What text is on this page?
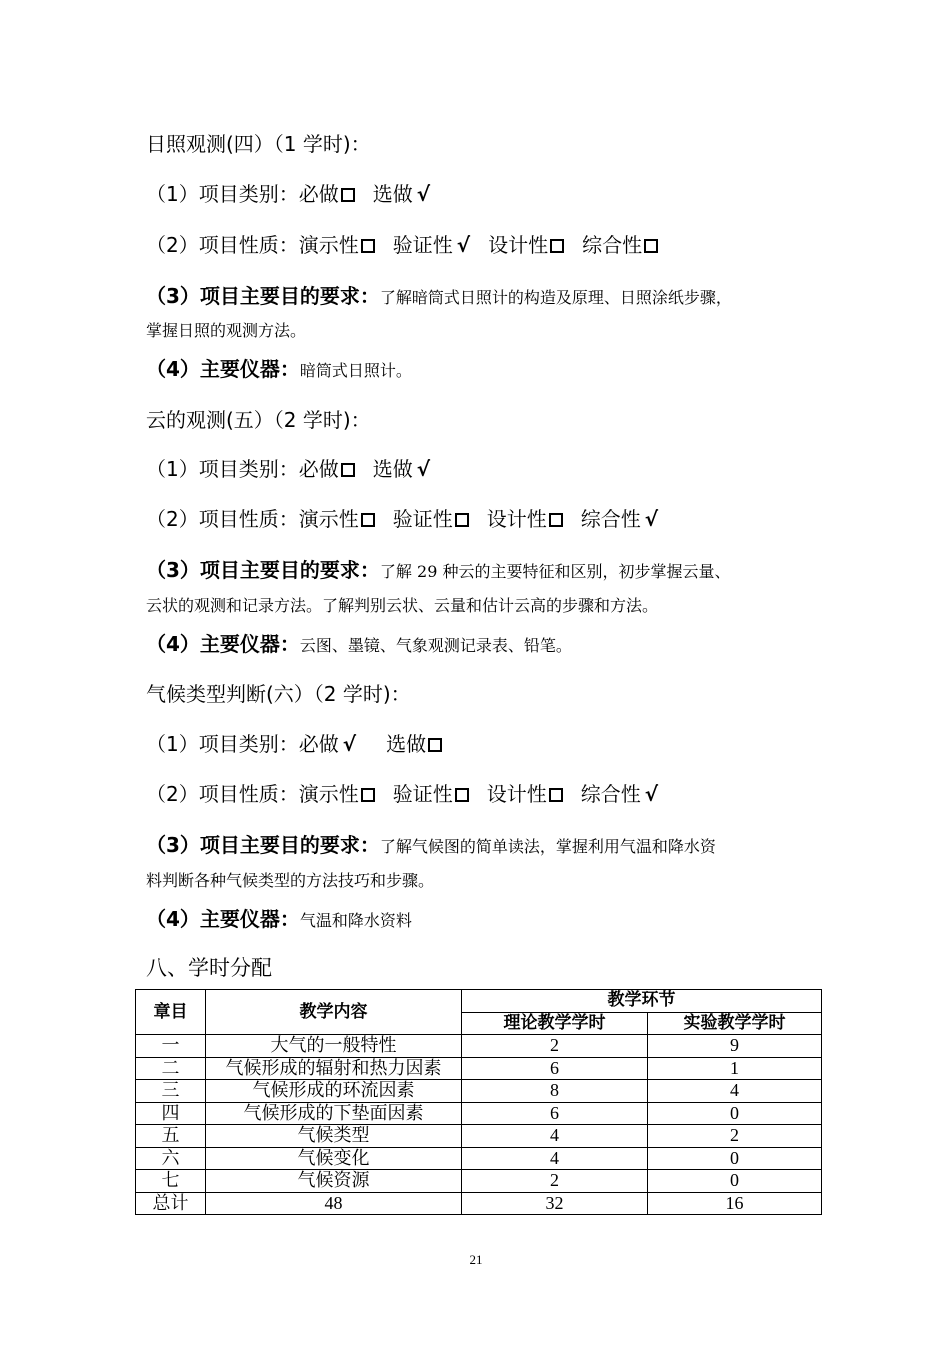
日照观测(四）（1 学时)：
（1）项目类别：必做 选做 √
（2）项目性质：演示性 验证性 √ 设计性 综合性
（3）项目主要目的要求：了解暗筒式日照计的构造及原理、日照涂纸步骤，
掌握日照的观测方法。
（4）主要仪器：暗筒式日照计。
云的观测(五）（2 学时)：
（1）项目类别：必做 选做 √
（2）项目性质：演示性 验证性 设计性 综合性 √
（3）项目主要目的要求：了解 29 种云的主要特征和区别，初步掌握云量、
云状的观测和记录方法。了解判别云状、云量和估计云高的步骤和方法。
（4）主要仪器：云图、墨镜、气象观测记录表、铅笔。
气候类型判断(六）（2 学时)：
（1）项目类别：必做 √ 选做
（2）项目性质：演示性 验证性 设计性 综合性 √
（3）项目主要目的要求：了解气候图的简单读法，掌握利用气温和降水资
料判断各种气候类型的方法技巧和步骤。
（4）主要仪器：气温和降水资料
八、学时分配
章目	教学内容	教学环节	
		理论教学学时	实验教学学时
一	大气的一般特性	2	9
二	气候形成的辐射和热力因素	6	1
三	气候形成的环流因素	8	4
四	气候形成的下垫面因素	6	0
五	气候类型	4	2
六	气候变化	4	0
七	气候资源	2	0
总计	48	32	16
21
